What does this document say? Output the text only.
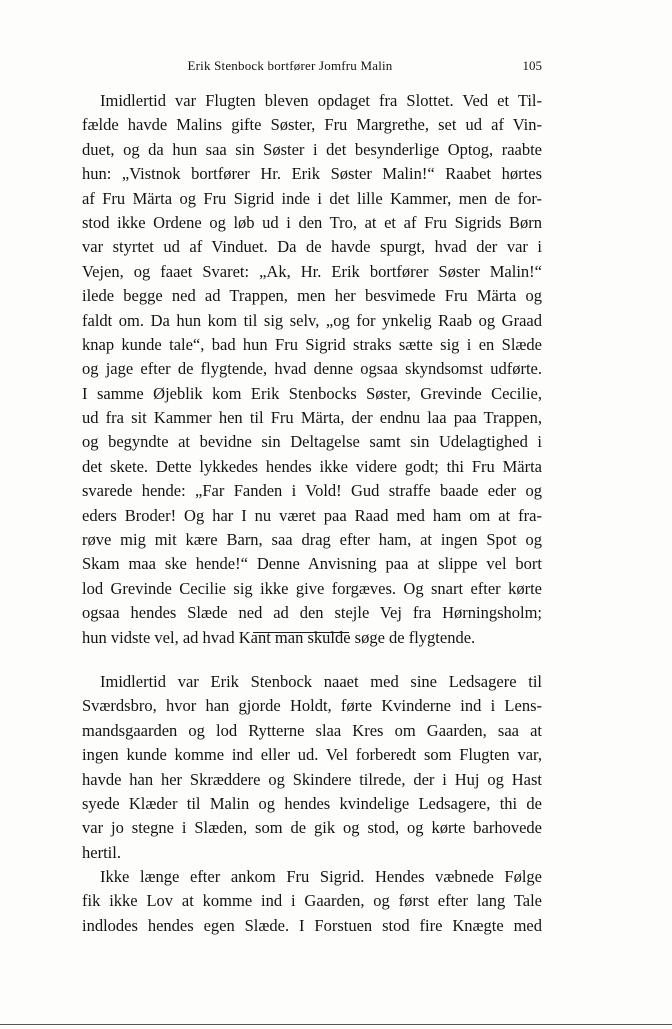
Erik Stenbock bortfører Jomfru Malin	105
Imidlertid var Flugten bleven opdaget fra Slottet. Ved et Til-
fælde havde Malins gifte Søster, Fru Margrethe, set ud af Vin-
duet, og da hun saa sin Søster i det besynderlige Optog, raabte
hun: „Vistnok bortfører Hr. Erik Søster Malin!“ Raabet hørtes
af Fru Märta og Fru Sigrid inde i det lille Kammer, men de for-
stod ikke Ordene og løb ud i den Tro, at et af Fru Sigrids Børn
var styrtet ud af Vinduet. Da de havde spurgt, hvad der var i
Vejen, og faaet Svaret: „Ak, Hr. Erik bortfører Søster Malin!“
ilede begge ned ad Trappen, men her besvimede Fru Märta og
faldt om. Da hun kom til sig selv, „og for ynkelig Raab og Graad
knap kunde tale“, bad hun Fru Sigrid straks sætte sig i en Slæde
og jage efter de flygtende, hvad denne ogsaa skyndsomst udførte.
I samme Øjeblik kom Erik Stenbocks Søster, Grevinde Cecilie,
ud fra sit Kammer hen til Fru Märta, der endnu laa paa Trappen,
og begyndte at bevidne sin Deltagelse samt sin Udelagtighed i
det skete. Dette lykkedes hendes ikke videre godt; thi Fru Märta
svarede hende: „Far Fanden i Vold! Gud straffe baade eder og
eders Broder! Og har I nu været paa Raad med ham om at fra-
røve mig mit kære Barn, saa drag efter ham, at ingen Spot og
Skam maa ske hende!“ Denne Anvisning paa at slippe vel bort
lod Grevinde Cecilie sig ikke give forgæves. Og snart efter kørte
ogsaa hendes Slæde ned ad den stejle Vej fra Hørningsholm;
hun vidste vel, ad hvad Kant man skulde søge de flygtende.
Imidlertid var Erik Stenbock naaet med sine Ledsagere til
Sværdsbro, hvor han gjorde Holdt, førte Kvinderne ind i Lens-
mandsgaarden og lod Rytterne slaa Kres om Gaarden, saa at
ingen kunde komme ind eller ud. Vel forberedt som Flugten var,
havde han her Skræddere og Skindere tilrede, der i Huj og Hast
syede Klæder til Malin og hendes kvindelige Ledsagere, thi de
var jo stegne i Slæden, som de gik og stod, og kørte barhovede
hertil.
Ikke længe efter ankom Fru Sigrid. Hendes væbnede Følge
fik ikke Lov at komme ind i Gaarden, og først efter lang Tale
indlodes hendes egen Slæde. I Forstuen stod fire Knægte med
